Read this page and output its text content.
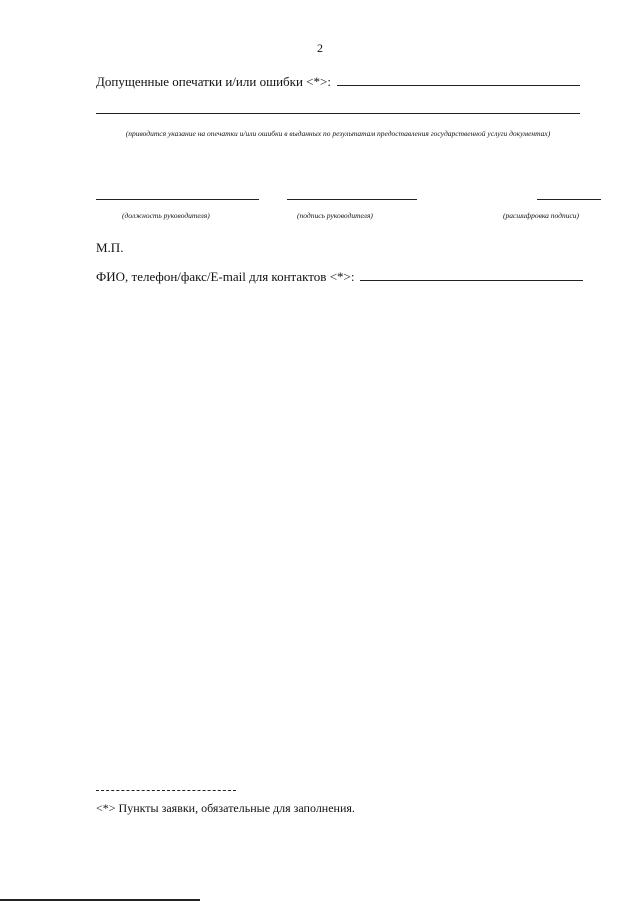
2
Допущенные опечатки и/или ошибки <*>:
(приводится указание на опечатки и/или ошибки в выданных по результатам предоставления государственной услуги документах)
(должность руководителя)	(подпись руководителя)	(расшифровка подписи)
М.П.
ФИО, телефон/факс/E-mail для контактов <*>:
<*> Пункты заявки, обязательные для заполнения.
